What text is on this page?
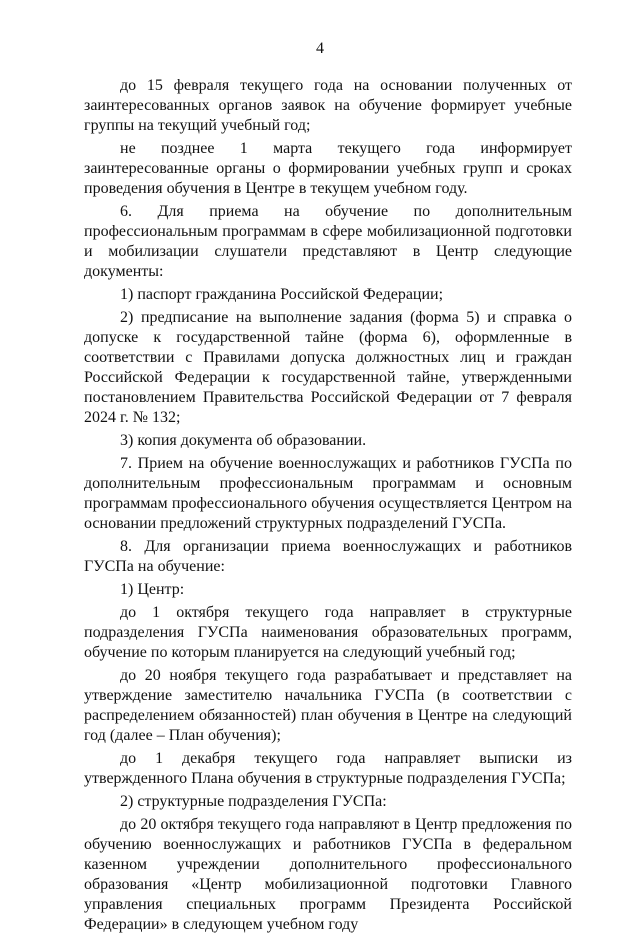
4

до 15 февраля текущего года на основании полученных от заинтересованных органов заявок на обучение формирует учебные группы на текущий учебный год;

не позднее 1 марта текущего года информирует заинтересованные органы о формировании учебных групп и сроках проведения обучения в Центре в текущем учебном году.

6. Для приема на обучение по дополнительным профессиональным программам в сфере мобилизационной подготовки и мобилизации слушатели представляют в Центр следующие документы:

1) паспорт гражданина Российской Федерации;

2) предписание на выполнение задания (форма 5) и справка о допуске к государственной тайне (форма 6), оформленные в соответствии с Правилами допуска должностных лиц и граждан Российской Федерации к государственной тайне, утвержденными постановлением Правительства Российской Федерации от 7 февраля 2024 г. № 132;

3) копия документа об образовании.

7. Прием на обучение военнослужащих и работников ГУСПа по дополнительным профессиональным программам и основным программам профессионального обучения осуществляется Центром на основании предложений структурных подразделений ГУСПа.

8. Для организации приема военнослужащих и работников ГУСПа на обучение:

1) Центр:

до 1 октября текущего года направляет в структурные подразделения ГУСПа наименования образовательных программ, обучение по которым планируется на следующий учебный год;

до 20 ноября текущего года разрабатывает и представляет на утверждение заместителю начальника ГУСПа (в соответствии с распределением обязанностей) план обучения в Центре на следующий год (далее – План обучения);

до 1 декабря текущего года направляет выписки из утвержденного Плана обучения в структурные подразделения ГУСПа;

2) структурные подразделения ГУСПа:

до 20 октября текущего года направляют в Центр предложения по обучению военнослужащих и работников ГУСПа в федеральном казенном учреждении дополнительного профессионального образования «Центр мобилизационной подготовки Главного управления специальных программ Президента Российской Федерации» в следующем учебном году
